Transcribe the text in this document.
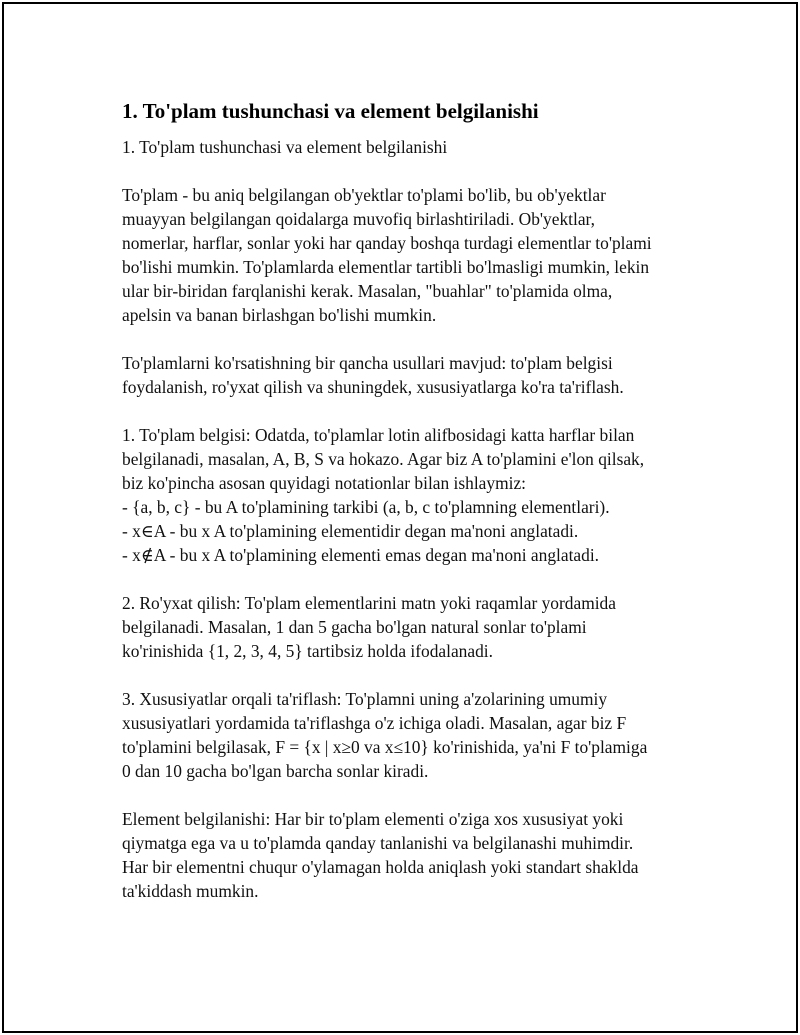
1. To'plam tushunchasi va element belgilanishi

1. To'plam tushunchasi va element belgilanishi

To'plam - bu aniq belgilangan ob'yektlar to'plami bo'lib, bu ob'yektlar
muayyan belgilangan qoidalarga muvofiq birlashtiriladi. Ob'yektlar,
nomerlar, harflar, sonlar yoki har qanday boshqa turdagi elementlar to'plami
bo'lishi mumkin. To'plamlarda elementlar tartibli bo'lmasligi mumkin, lekin
ular bir-biridan farqlanishi kerak. Masalan, "buahlar" to'plamida olma,
apelsin va banan birlashgan bo'lishi mumkin.

To'plamlarni ko'rsatishning bir qancha usullari mavjud: to'plam belgisi
foydalanish, ro'yxat qilish va shuningdek, xususiyatlarga ko'ra ta'riflash.

1. To'plam belgisi: Odatda, to'plamlar lotin alifbosidagi katta harflar bilan
belgilanadi, masalan, A, B, S va hokazo. Agar biz A to'plamini e'lon qilsak,
biz ko'pincha asosan quyidagi notationlar bilan ishlaymiz:
- {a, b, c} - bu A to'plamining tarkibi (a, b, c to'plamning elementlari).
- x∈A - bu x A to'plamining elementidir degan ma'noni anglatadi.
- x∉A - bu x A to'plamining elementi emas degan ma'noni anglatadi.

2. Ro'yxat qilish: To'plam elementlarini matn yoki raqamlar yordamida
belgilanadi. Masalan, 1 dan 5 gacha bo'lgan natural sonlar to'plami
ko'rinishida {1, 2, 3, 4, 5} tartibsiz holda ifodalanadi.

3. Xususiyatlar orqali ta'riflash: To'plamni uning a'zolarining umumiy
xususiyatlari yordamida ta'riflashga o'z ichiga oladi. Masalan, agar biz F
to'plamini belgilasak, F = {x | x≥0 va x≤10} ko'rinishida, ya'ni F to'plamiga
0 dan 10 gacha bo'lgan barcha sonlar kiradi.

Element belgilanishi: Har bir to'plam elementi o'ziga xos xususiyat yoki
qiymatga ega va u to'plamda qanday tanlanishi va belgilanashi muhimdir.
Har bir elementni chuqur o'ylamagan holda aniqlash yoki standart shaklda
ta'kiddash mumkin.
